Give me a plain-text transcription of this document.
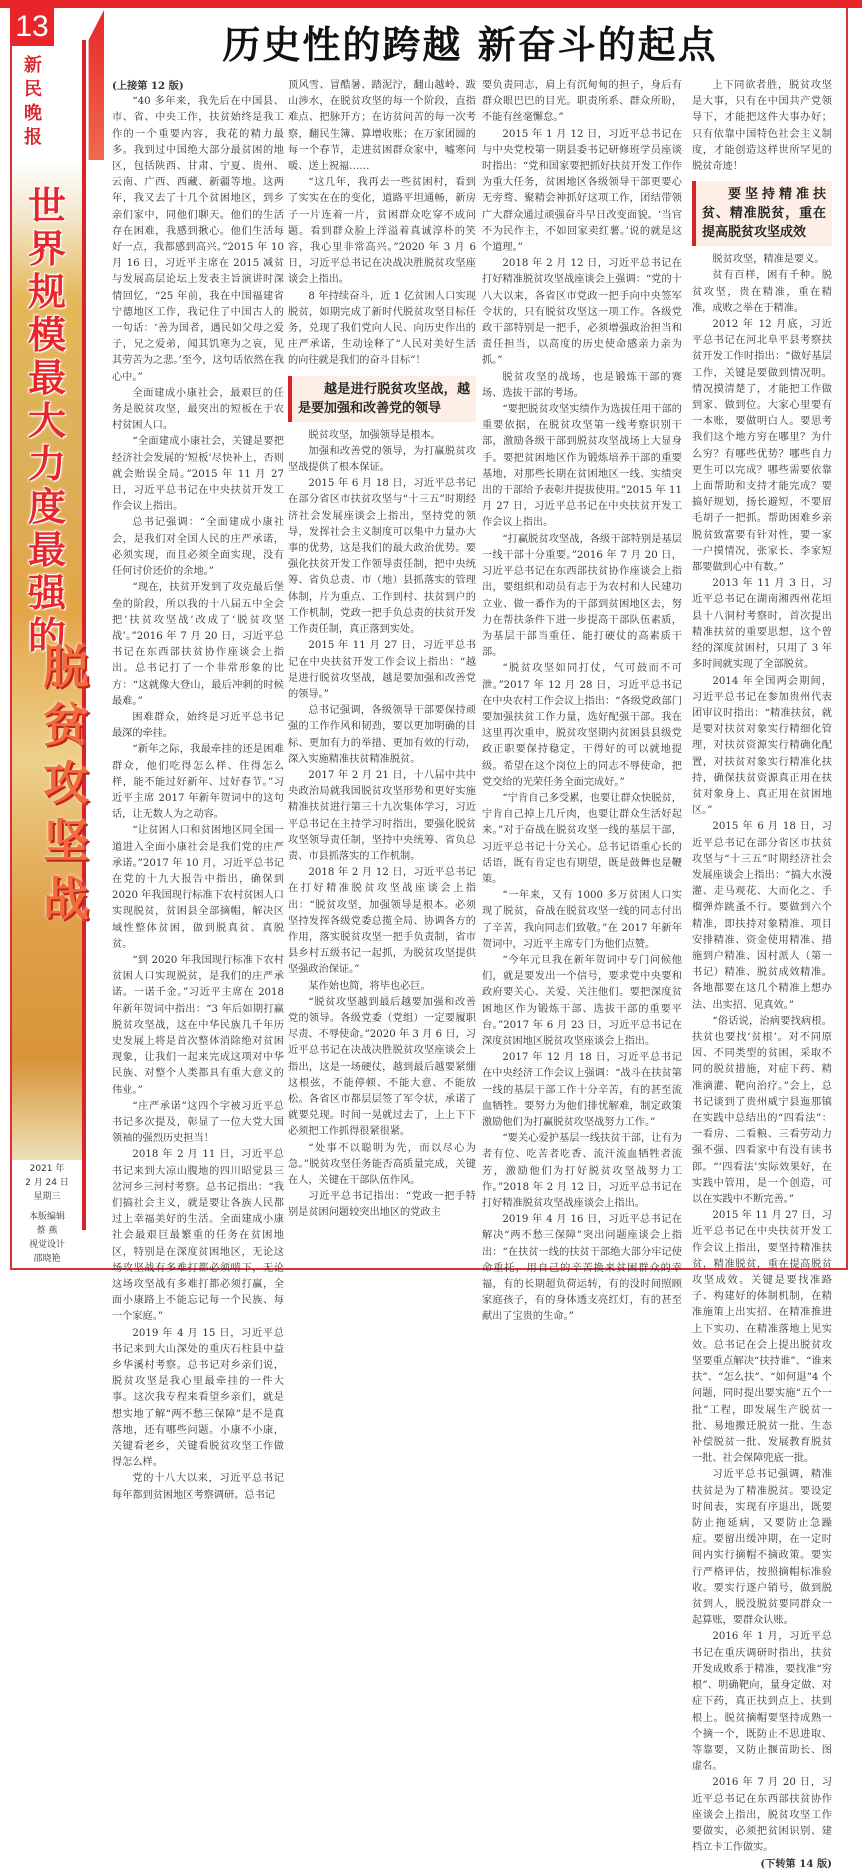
13
新
民
晚
报
世
界
规
模
最
大
力
度
最
强
的
脱
贫
攻
坚
战
2021 年
2 月 24 日
星期三
本版编辑
蔡 燕
视觉设计
邵晓艳
历史性的跨越 新奋斗的起点

(上接第 12 版)

“40 多年来，我先后在中国县、市、省、中央工作，扶贫始终是我工作的一个重要内容，我花的精力最多。我到过中国绝大部分最贫困的地区，包括陕西、甘肃、宁夏、贵州、云南、广西、西藏、新疆等地。这两年，我又去了十几个贫困地区，到乡亲们家中，同他们聊天。他们的生活存在困难，我感到揪心。他们生活每好一点，我都感到高兴。”2015 年 10 月 16 日，习近平主席在 2015 减贫与发展高层论坛上发表主旨演讲时深情回忆，“25 年前，我在中国福建省宁德地区工作，我记住了中国古人的一句话：‘善为国者，遇民如父母之爱子，兄之爱弟，闻其饥寒为之哀，见其劳苦为之悲。’至今，这句话依然在我心中。”

全面建成小康社会，最艰巨的任务是脱贫攻坚，最突出的短板在于农村贫困人口。

“全面建成小康社会，关键是要把经济社会发展的‘短板’尽快补上，否则就会贻误全局。”2015 年 11 月 27 日，习近平总书记在中央扶贫开发工作会议上指出。

总书记强调：“全面建成小康社会，是我们对全国人民的庄严承诺，必须实现，而且必须全面实现，没有任何讨价还价的余地。”

“现在，扶贫开发到了攻克最后堡垒的阶段，所以我的十八届五中全会把‘扶贫攻坚战’改成了‘脱贫攻坚战’。”2016 年 7 月 20 日，习近平总书记在东西部扶贫协作座谈会上指出。总书记打了一个非常形象的比方：“这就像大登山，最后冲刺的时候最难。”

困难群众，始终是习近平总书记最深的牵挂。

“新年之际，我最牵挂的还是困难群众，他们吃得怎么样、住得怎么样，能不能过好新年、过好春节。”习近平主席 2017 年新年贺词中的这句话，让无数人为之动容。

“让贫困人口和贫困地区同全国一道进入全面小康社会是我们党的庄严承诺。”2017 年 10 月，习近平总书记在党的十九大报告中指出，确保到 2020 年我国现行标准下农村贫困人口实现脱贫，贫困县全部摘帽，解决区域性整体贫困，做到脱真贫、真脱贫。

“到 2020 年我国现行标准下农村贫困人口实现脱贫，是我们的庄严承诺。一诺千金。”习近平主席在 2018 年新年贺词中指出：“3 年后如期打赢脱贫攻坚战，这在中华民族几千年历史发展上将是首次整体消除绝对贫困现象，让我们一起来完成这项对中华民族、对整个人类都具有重大意义的伟业。”

“庄严承诺”这四个字被习近平总书记多次提及，彰显了一位大党大国领袖的强烈历史担当！

2018 年 2 月 11 日，习近平总书记来到大凉山腹地的四川昭觉县三岔河乡三河村考察。总书记指出：“我们搞社会主义，就是要让各族人民都过上幸福美好的生活。全面建成小康社会最艰巨最繁重的任务在贫困地区，特别是在深度贫困地区，无论这场攻坚战有多难打都必须啃下，无论这场攻坚战有多难打都必须打赢，全面小康路上不能忘记每一个民族、每一个家庭。”

2019 年 4 月 15 日，习近平总书记来到大山深处的重庆石柱县中益乡华溪村考察。总书记对乡亲们说，脱贫攻坚是我心里最牵挂的一件大事。这次我专程来看望乡亲们，就是想实地了解“两不愁三保障”是不是真落地，还有哪些问题。小康不小康，关键看老乡，关键看脱贫攻坚工作做得怎么样。

党的十八大以来，习近平总书记每年都到贫困地区考察调研。总书记

顶风雪、冒酷暑、踏泥泞，翻山越岭、跋山涉水，在脱贫攻坚的每一个阶段，直指难点、把脉开方；在访贫问苦的每一次考察，翻民生簿、算增收账；在万家团圆的每一个春节，走进贫困群众家中，嘘寒问暖、送上祝福……

“这几年，我再去一些贫困村，看到了实实在在的变化，道路平坦通畅，新房子一片连着一片，贫困群众吃穿不成问题。看到群众脸上洋溢着真诚淳朴的笑容，我心里非常高兴。”2020 年 3 月 6 日，习近平总书记在决战决胜脱贫攻坚座谈会上指出。

8 年持续奋斗，近 1 亿贫困人口实现脱贫，如期完成了新时代脱贫攻坚目标任务，兑现了我们党向人民、向历史作出的庄严承诺，生动诠释了“人民对美好生活的向往就是我们的奋斗目标”！

越是进行脱贫攻坚战，越是要加强和改善党的领导

脱贫攻坚，加强领导是根本。

加强和改善党的领导，为打赢脱贫攻坚战提供了根本保证。

2015 年 6 月 18 日，习近平总书记在部分省区市扶贫攻坚与“十三五”时期经济社会发展座谈会上指出，坚持党的领导，发挥社会主义制度可以集中力量办大事的优势，这是我们的最大政治优势。要强化扶贫开发工作领导责任制，把中央统筹、省负总责、市（地）县抓落实的管理体制，片为重点、工作到村、扶贫到户的工作机制，党政一把手负总责的扶贫开发工作责任制，真正落到实处。

2015 年 11 月 27 日，习近平总书记在中央扶贫开发工作会议上指出：“越是进行脱贫攻坚战，越是要加强和改善党的领导。”

总书记强调，各级领导干部要保持顽强的工作作风和韧劲，要以更加明确的目标、更加有力的举措、更加有效的行动，深入实施精准扶贫精准脱贫。

2017 年 2 月 21 日，十八届中共中央政治局就我国脱贫攻坚形势和更好实施精准扶贫进行第三十九次集体学习，习近平总书记在主持学习时指出，要强化脱贫攻坚领导责任制，坚持中央统筹、省负总责、市县抓落实的工作机制。

2018 年 2 月 12 日，习近平总书记在打好精准脱贫攻坚战座谈会上指出：“脱贫攻坚，加强领导是根本。必须坚持发挥各级党委总揽全局、协调各方的作用，落实脱贫攻坚一把手负责制，省市县乡村五级书记一起抓，为脱贫攻坚提供坚强政治保证。”

某作始也简，将毕也必巨。

“脱贫攻坚越到最后越要加强和改善党的领导。各级党委（党组）一定要履职尽责、不辱使命。”2020 年 3 月 6 日，习近平总书记在决战决胜脱贫攻坚座谈会上指出，这是一场硬仗，越到最后越要紧绷这根弦，不能停顿、不能大意、不能放松。各省区市都层层签了军令状，承诺了就要兑现。时间一晃就过去了，上上下下必须把工作抓得很紧很紧。

“处事不以聪明为先，而以尽心为急。”脱贫攻坚任务能否高质量完成，关键在人，关键在干部队伍作风。

习近平总书记指出：“党政一把手特别是贫困问题较突出地区的党政主

要负责同志，肩上有沉甸甸的担子，身后有群众眼巴巴的目光。职责所系、群众所盼，不能有丝毫懈怠。”

2015 年 1 月 12 日，习近平总书记在与中央党校第一期县委书记研修班学员座谈时指出：“党和国家要把抓好扶贫开发工作作为重大任务，贫困地区各级领导干部更要心无旁骛、聚精会神抓好这项工作，团结带领广大群众通过顽强奋斗早日改变面貌。‘当官不为民作主，不如回家卖红薯。’说的就是这个道理。”

2018 年 2 月 12 日，习近平总书记在打好精准脱贫攻坚战座谈会上强调：“党的十八大以来，各省区市党政一把手向中央签军令状的，只有脱贫攻坚这一项工作。各级党政干部特别是一把手，必须增强政治担当和责任担当，以高度的历史使命感亲力亲为抓。”

脱贫攻坚的战场，也是锻炼干部的赛场、选拔干部的考场。

“要把脱贫攻坚实绩作为选拔任用干部的重要依据，在脱贫攻坚第一线考察识别干部，激励各级干部到脱贫攻坚战场上大显身手。要把贫困地区作为锻炼培养干部的重要基地，对那些长期在贫困地区一线、实绩突出的干部给予表彰并提拔使用。”2015 年 11 月 27 日，习近平总书记在中央扶贫开发工作会议上指出。

“打赢脱贫攻坚战，各级干部特别是基层一线干部十分重要。”2016 年 7 月 20 日，习近平总书记在东西部扶贫协作座谈会上指出，要组织和动员有志于为农村和人民建功立业、做一番作为的干部到贫困地区去，努力在帮扶条件下进一步提高干部队伍素质，为基层干部当重任、能打硬仗的高素质干部。

“脱贫攻坚如同打仗，气可鼓而不可泄。”2017 年 12 月 28 日，习近平总书记在中央农村工作会议上指出：“各级党政部门要加强扶贫工作力量，选好配强干部。我在这里再次重申，脱贫攻坚期内贫困县县级党政正职要保持稳定，干得好的可以就地提级。希望在这个岗位上的同志不辱使命，把党交给的光荣任务全面完成好。”

“宁肯自己多受累，也要让群众快脱贫，宁肯自己掉上几斤肉，也要让群众生活好起来。”对于奋战在脱贫攻坚一线的基层干部，习近平总书记十分关心。总书记语重心长的话语，既有肯定也有期望，既是鼓舞也是鞭策。

“一年来，又有 1000 多万贫困人口实现了脱贫，奋战在脱贫攻坚一线的同志付出了辛苦，我向同志们致敬。”在 2017 年新年贺词中，习近平主席专门为他们点赞。

“今年元旦我在新年贺词中专门问候他们，就是要发出一个信号，要求党中央要和政府要关心、关爱、关注他们。要把深度贫困地区作为锻炼干部、选拔干部的重要平台。”2017 年 6 月 23 日，习近平总书记在深度贫困地区脱贫攻坚座谈会上指出。

2017 年 12 月 18 日，习近平总书记在中央经济工作会议上强调：“战斗在扶贫第一线的基层干部工作十分辛苦，有的甚至流血牺牲。要努力为他们排忧解难，制定政策激励他们为打赢脱贫攻坚战努力工作。”

“要关心爱护基层一线扶贫干部，让有为者有位、吃苦者吃香、流汗流血牺牲者流芳，激励他们为打好脱贫攻坚战努力工作。”2018 年 2 月 12 日，习近平总书记在打好精准脱贫攻坚战座谈会上指出。

2019 年 4 月 16 日，习近平总书记在解决“两不愁三保障”突出问题座谈会上指出：“在扶贫一线的扶贫干部绝大部分牢记使命重托，用自己的辛苦换来贫困群众的幸福，有的长期超负荷运转，有的没时间照顾家庭孩子，有的身体透支亮红灯，有的甚至献出了宝贵的生命。”

上下同欲者胜，脱贫攻坚是大事，只有在中国共产党领导下，才能把这件大事办好；只有依靠中国特色社会主义制度，才能创造这样世所罕见的脱贫奇迹！

要坚持精准扶贫、精准脱贫，重在提高脱贫攻坚成效

脱贫攻坚，精准是要义。

贫有百样，困有千种。脱贫攻坚，贵在精准，重在精准，成败之举在于精准。

2012 年 12 月底，习近平总书记在河北阜平县考察扶贫开发工作时指出：“做好基层工作，关键是要做到情况明。情况摸清楚了，才能把工作做到家、做到位。大家心里要有一本账，要做明白人。要思考我们这个地方穷在哪里？为什么穷？有哪些优势？哪些自力更生可以完成？哪些需要依靠上面帮助和支持才能完成？要搞好规划，扬长避短，不要眉毛胡子一把抓。帮助困难乡亲脱贫致富要有针对性，要一家一户摸情况，张家长、李家短都要做到心中有数。”

2013 年 11 月 3 日，习近平总书记在湖南湘西州花垣县十八洞村考察时，首次提出精准扶贫的重要思想，这个曾经的深度贫困村，只用了 3 年多时间就实现了全部脱贫。

2014 年全国两会期间，习近平总书记在参加贵州代表团审议时指出：“精准扶贫，就是要对扶贫对象实行精细化管理，对扶贫资源实行精确化配置，对扶贫对象实行精准化扶持，确保扶贫资源真正用在扶贫对象身上、真正用在贫困地区。”

2015 年 6 月 18 日，习近平总书记在部分省区市扶贫攻坚与“十三五”时期经济社会发展座谈会上指出：“搞大水漫灌、走马观花、大而化之、手榴弹炸跳蚤不行。要做到六个精准，即扶持对象精准、项目安排精准、资金使用精准、措施到户精准、因村派人（第一书记）精准、脱贫成效精准。各地都要在这几个精准上想办法、出实招、见真效。”

“俗话说，治病要找病根。扶贫也要找‘贫根’。对不同原因、不同类型的贫困，采取不同的脱贫措施，对症下药、精准滴灌、靶向治疗。”会上，总书记谈到了贵州威宁县迤那镇在实践中总结出的“四看法”：一看房、二看粮、三看劳动力强不强、四看家中有没有读书郎。“‘四看法’实际效果好，在实践中管用，是一个创造，可以在实践中不断完善。”

2015 年 11 月 27 日，习近平总书记在中央扶贫开发工作会议上指出，要坚持精准扶贫，精准脱贫，重在提高脱贫攻坚成效。关键是要找准路子、构建好的体制机制，在精准施策上出实招、在精准推进上下实功、在精准落地上见实效。总书记在会上提出脱贫攻坚要重点解决“扶持谁”、“谁来扶”、“怎么扶”、“如何退”4 个问题，同时提出要实施“五个一批”工程，即发展生产脱贫一批、易地搬迁脱贫一批、生态补偿脱贫一批、发展教育脱贫一批、社会保障兜底一批。

习近平总书记强调，精准扶贫是为了精准脱贫。要设定时间表，实现有序退出，既要防止拖延病，又要防止急躁症。要留出缓冲期，在一定时间内实行摘帽不摘政策。要实行严格评估，按照摘帽标准验收。要实行逐户销号，做到脱贫到人，脱没脱贫要同群众一起算账，要群众认账。

2016 年 1 月，习近平总书记在重庆调研时指出，扶贫开发成败系于精准，要找准“穷根”、明确靶向，量身定做、对症下药，真正扶到点上、扶到根上。脱贫摘帽要坚持成熟一个摘一个，既防止不思进取、等靠要，又防止揠苗助长、图虚名。

2016 年 7 月 20 日，习近平总书记在东西部扶贫协作座谈会上指出，脱贫攻坚工作要做实，必须把贫困识别、建档立卡工作做实。

(下转第 14 版)
